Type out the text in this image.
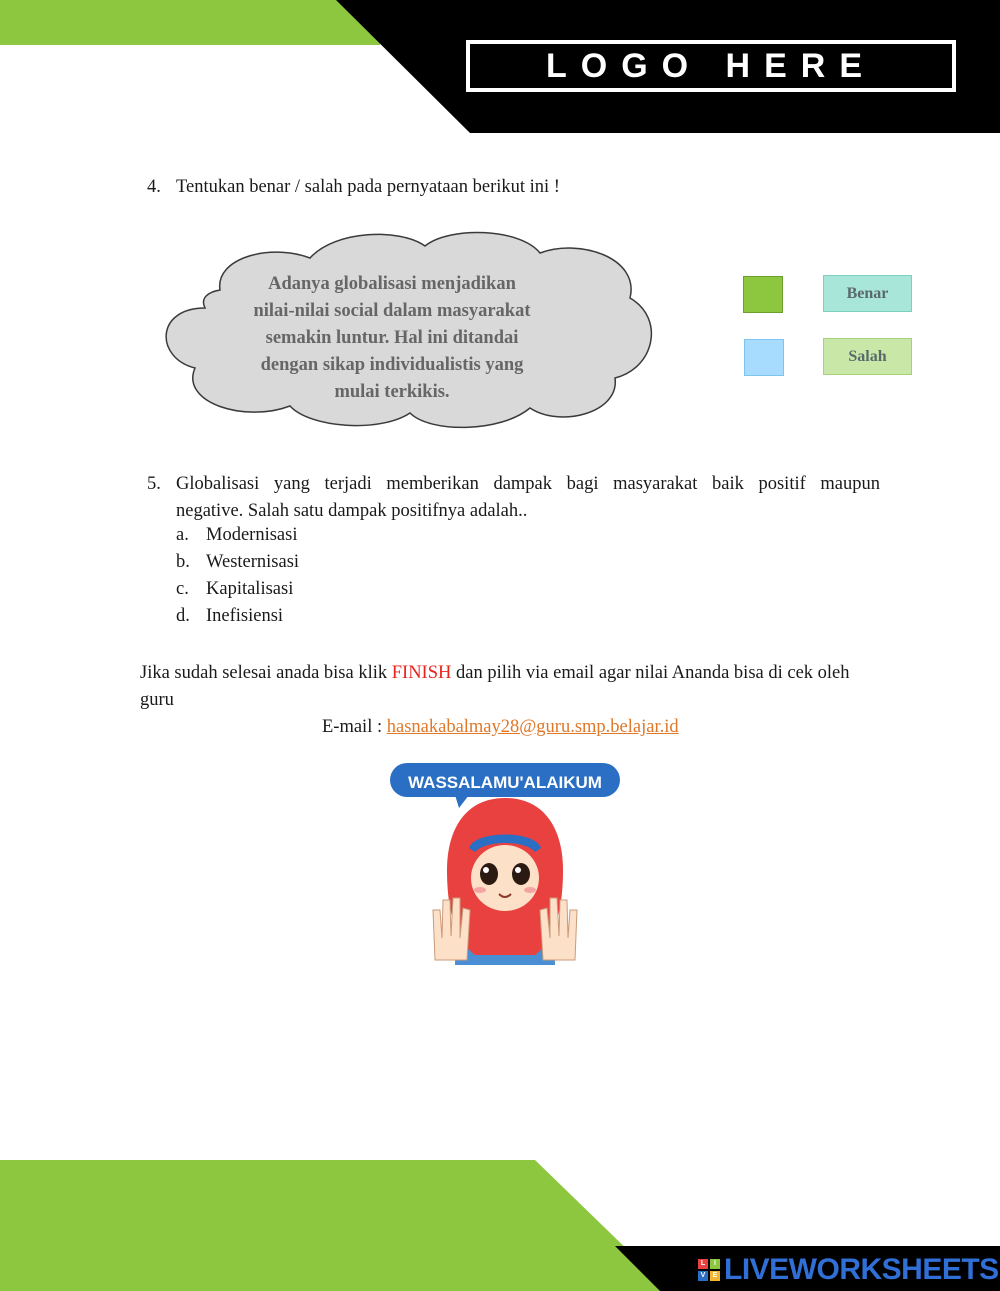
LOGO HERE
4. Tentukan benar / salah pada pernyataan berikut ini !
Adanya globalisasi menjadikan
nilai-nilai social dalam masyarakat
semakin luntur. Hal ini ditandai
dengan sikap individualistis yang
mulai terkikis.
Benar
Salah
5. Globalisasi yang terjadi memberikan dampak bagi masyarakat baik positif maupun
negative. Salah satu dampak positifnya adalah..
a. Modernisasi
b. Westernisasi
c. Kapitalisasi
d. Inefisiensi
Jika sudah selesai anada bisa klik FINISH dan pilih via email agar nilai Ananda bisa di cek oleh
guru
E-mail : hasnakabalmay28@guru.smp.belajar.id
WASSALAMU'ALAIKUM
L	I
V	E LIVEWORKSHEETS
